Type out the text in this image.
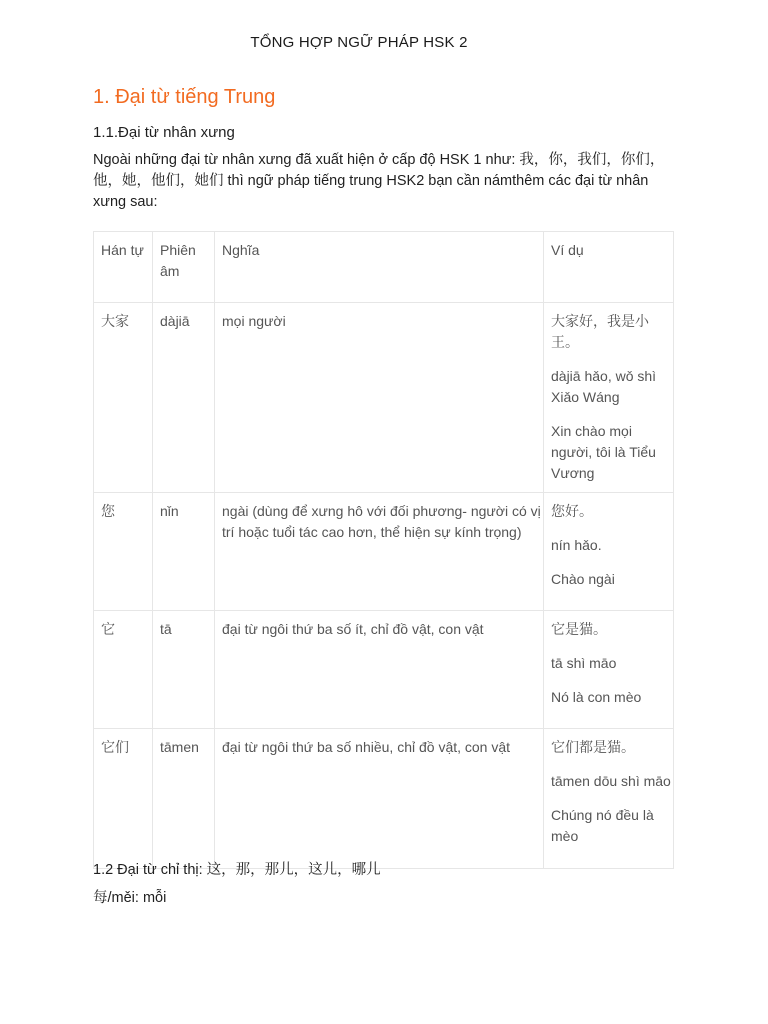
TỔNG HỢP NGỮ PHÁP HSK 2
1. Đại từ tiếng Trung
1.1.Đại từ nhân xưng
Ngoài những đại từ nhân xưng đã xuất hiện ở cấp độ HSK 1 như: 我，你，我们，你们，他，她，他们，她们 thì ngữ pháp tiếng trung HSK2 bạn cần námthêm các đại từ nhân xưng sau:
Hán tự	Phiên âm	Nghĩa	Ví dụ
大家	dàjiā	mọi người	大家好，我是小王。

dàjiā hǎo, wǒ shì Xiǎo Wáng

Xin chào mọi người, tôi là Tiểu Vương

您	nǐn	ngài (dùng để xưng hô với đối phương- người có vị trí hoặc tuổi tác cao hơn, thể hiện sự kính trọng)	您好。

nín hǎo.

Chào ngài

它	tā	đại từ ngôi thứ ba số ít, chỉ đồ vật, con vật	它是猫。

tā shì māo

Nó là con mèo

它们	tāmen	đại từ ngôi thứ ba số nhiều, chỉ đồ vật, con vật	它们都是猫。

tāmen dōu shì māo

Chúng nó đều là mèo

1.2 Đại từ chỉ thị: 这，那，那儿，这儿，哪儿
每/měi: mỗi
